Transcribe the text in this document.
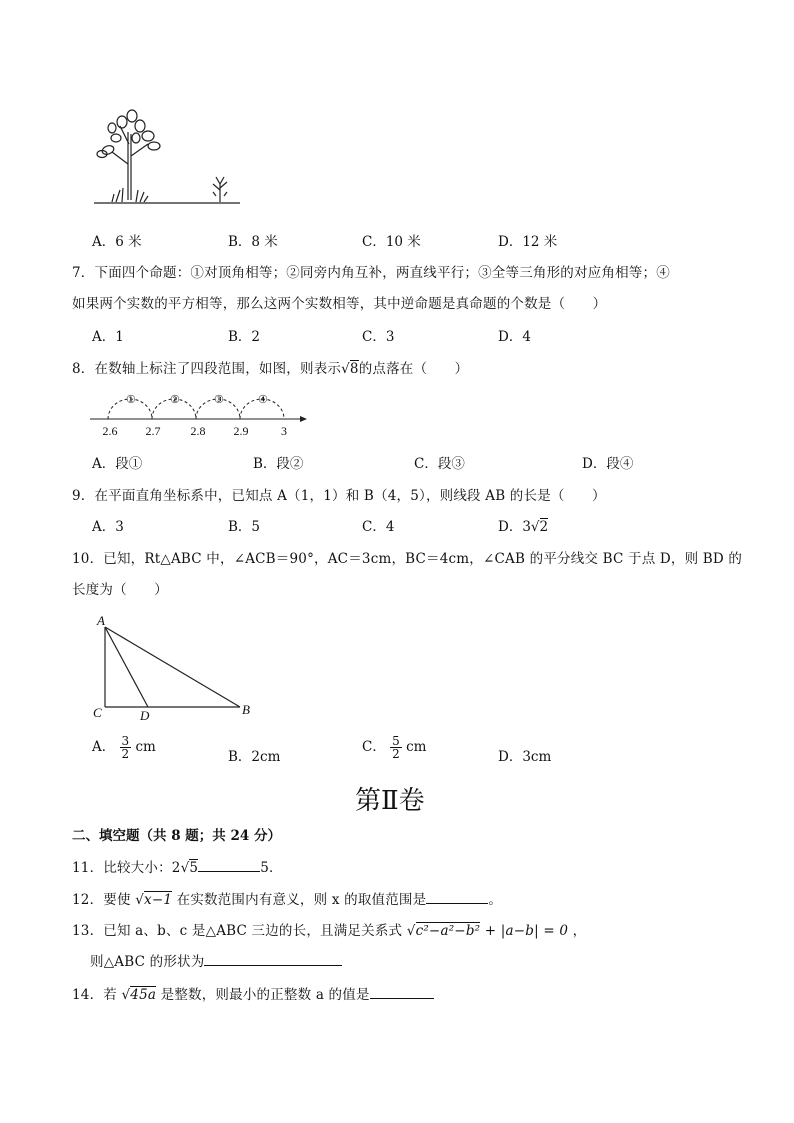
A．6 米	B．8 米	C．10 米	D．12 米
7．下面四个命题：①对顶角相等；②同旁内角互补，两直线平行；③全等三角形的对应角相等；④
如果两个实数的平方相等，那么这两个实数相等，其中逆命题是真命题的个数是（　　）
A．1	B．2	C．3	D．4
8．在数轴上标注了四段范围，如图，则表示√8的点落在（　　）
①	②	③	④
2.6 2.7	2.8 2.9	3
A．段①	B．段②	C．段③	D．段④
9．在平面直角坐标系中，已知点 A（1，1）和 B（4，5），则线段 AB 的长是（　　）
A．3	B．5	C．4	D．3√2
10．已知，Rt△ABC 中，∠ACB＝90°，AC＝3cm，BC＝4cm，∠CAB 的平分线交 BC 于点 D，则 BD 的
长度为（　　）
A
C	D	B
A． $\frac{3}{2}$ cm
B．2cm
C． $\frac{5}{2}$ cm
D．3cm
第Ⅱ卷
二、填空题（共 8 题；共 24 分）
11．比较大小：2√5	5．
12．要使 √x−1 在实数范围内有意义，则 x 的取值范围是	。
13．已知 a、b、c 是△ABC 三边的长，且满足关系式 √c²−a²−b² + |a−b| = 0 ，
则△ABC 的形状为
14．若 √45a 是整数，则最小的正整数 a 的值是
